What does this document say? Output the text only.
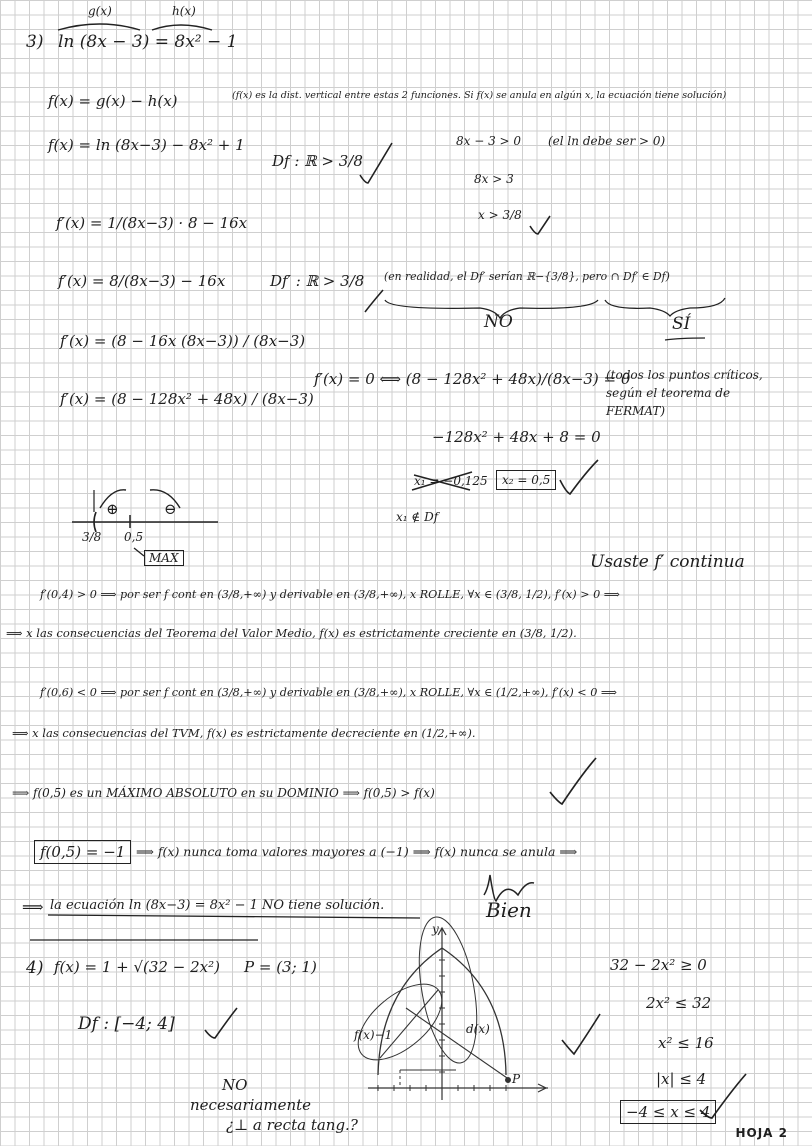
3)
g(x)	h(x)
ln (8x − 3) = 8x² − 1
f(x) = g(x) − h(x)	(f(x) es la dist. vertical entre estas 2 funciones. Si f(x) se anula en algún x, la ecuación tiene solución)
f(x) = ln (8x−3) − 8x² + 1
Df : ℝ > 3/8
8x − 3 > 0 (el ln debe ser > 0)
8x > 3
x > 3/8
f′(x) = 1/(8x−3) · 8 − 16x
f′(x) = 8/(8x−3) − 16x	Df′ : ℝ > 3/8 (en realidad, el Df′ serían ℝ−{3/8}, pero ∩ Df′ ∈ Df)
NO	SÍ
f′(x) = (8 − 16x (8x−3)) / (8x−3)
f′(x) = (8 − 128x² + 48x) / (8x−3)
f′(x) = 0 ⟺ (8 − 128x² + 48x)/(8x−3) = 0
(todos los puntos críticos, según el teorema de FERMAT)
−128x² + 48x + 8 = 0
x₁ = −0,125	x₂ = 0,5
x₁ ∉ Df
3/8 0,5
⊕	⊖
MAX	Usaste f′ continua
f′(0,4) > 0 ⟹ por ser f cont en (3/8,+∞) y derivable en (3/8,+∞), x ROLLE, ∀x ∈ (3/8, 1/2), f′(x) > 0 ⟹
⟹ x las consecuencias del Teorema del Valor Medio, f(x) es estrictamente creciente en (3/8, 1/2).
f′(0,6) < 0 ⟹ por ser f cont en (3/8,+∞) y derivable en (3/8,+∞), x ROLLE, ∀x ∈ (1/2,+∞), f′(x) < 0 ⟹
⟹ x las consecuencias del TVM, f(x) es estrictamente decreciente en (1/2,+∞).
⟹ f(0,5) es un MÁXIMO ABSOLUTO en su DOMINIO ⟹ f(0,5) > f(x)
f(0,5) = −1 ⟹ f(x) nunca toma valores mayores a (−1) ⟹ f(x) nunca se anula ⟹
⟹ la ecuación ln (8x−3) = 8x² − 1 NO tiene solución.	Bien
4) f(x) = 1 + √(32 − 2x²) P = (3; 1)
Df : [−4; 4]
32 − 2x² ≥ 0
2x² ≤ 32
x² ≤ 16
|x| ≤ 4
−4 ≤ x ≤ 4
f(x)−1	d(x)
P
y
NO
necesariamente
¿⊥ a recta tang.?	HOJA 2
